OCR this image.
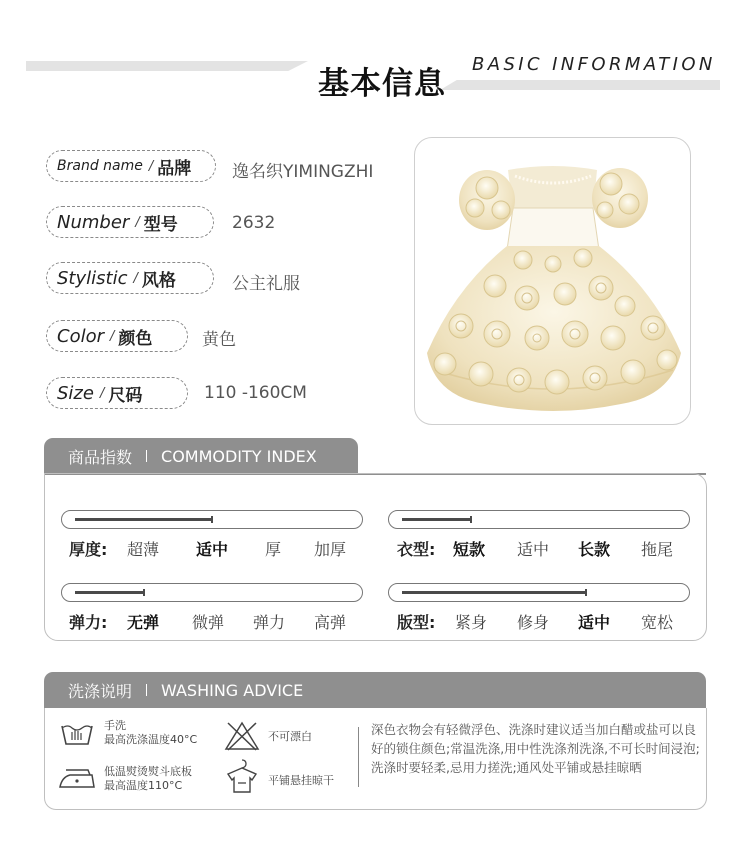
基本信息
BASIC INFORMATION
Brand name / 品牌 逸名织YIMINGZHI
Number / 型号	2632
Stylistic / 风格	公主礼服
Color / 颜色	黄色
Size / 尺码	110 -160CM
商品指数 COMMODITY INDEX
厚度: 超薄 适中 厚 加厚	衣型: 短款 适中 长款 拖尾
弹力: 无弹 微弹 弹力 高弹	版型: 紧身 修身 适中 宽松
洗涤说明 WASHING ADVICE
手洗
最高洗涤温度40°C	不可漂白
低温熨烫熨斗底板
最高温度110°C	平铺悬挂晾干
深色衣物会有轻微浮色、洗涤时建议适当加白醋或盐可以良好的锁住颜色;常温洗涤,用中性洗涤剂洗涤,不可长时间浸泡;洗涤时要轻柔,忌用力搓洗;通风处平铺或悬挂晾晒
